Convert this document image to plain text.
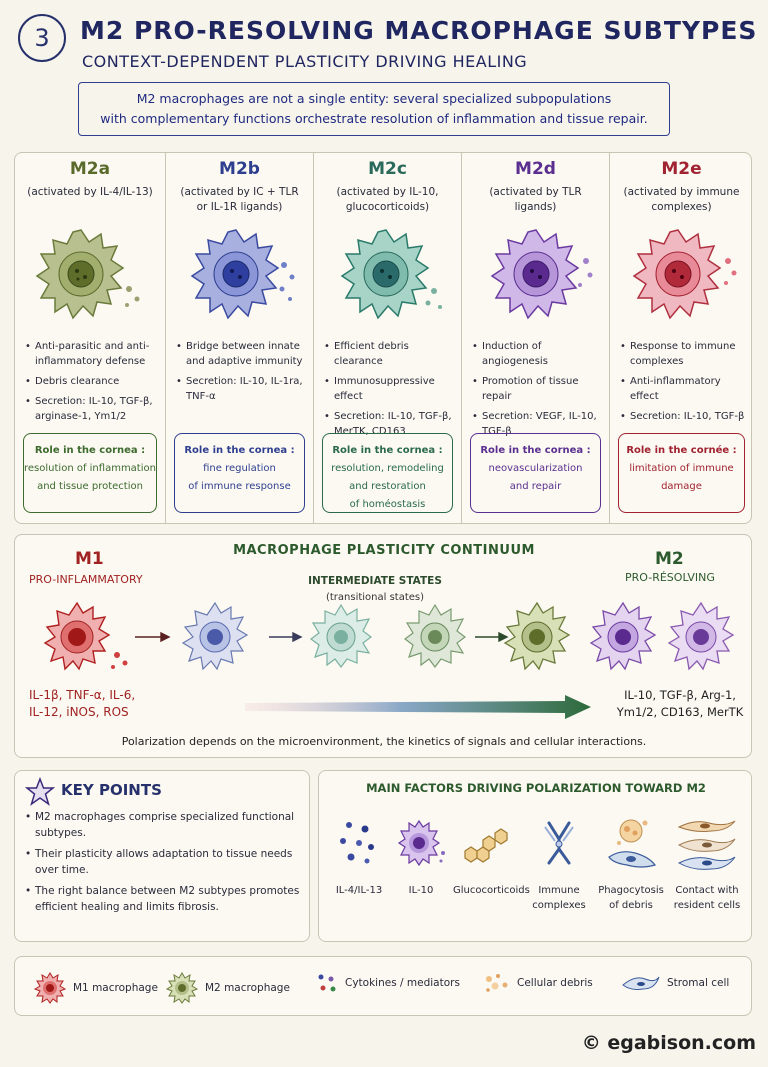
3	M2 PRO-RESOLVING MACROPHAGE SUBTYPES
CONTEXT-DEPENDENT PLASTICITY DRIVING HEALING
M2 macrophages are not a single entity: several specialized subpopulations
with complementary functions orchestrate resolution of inflammation and tissue repair.
M2a
(activated by IL-4/IL-13)
• Anti-parasitic and anti-inflammatory defense
• Debris clearance
• Secretion: IL-10, TGF-β, arginase-1, Ym1/2
Role in the cornea :
resolution of inflammation
and tissue protection
M2b
(activated by IC + TLR
or IL-1R ligands)
• Bridge between innate and adaptive immunity
• Secretion: IL-10, IL-1ra, TNF-α
Role in the cornea :
fine regulation
of immune response
M2c
(activated by IL-10,
glucocorticoids)
• Efficient debris clearance
• Immunosuppressive effect
• Secretion: IL-10, TGF-β, MerTK, CD163
Role in the cornea :
resolution, remodeling
and restoration
of homéostasis
M2d
(activated by TLR ligands)
• Induction of angiogenesis
• Promotion of tissue repair
• Secretion: VEGF, IL-10, TGF-β
Role in the cornea :
neovascularization
and repair
M2e
(activated by immune
complexes)
• Response to immune complexes
• Anti-inflammatory effect
• Secretion: IL-10, TGF-β
Role in the cornée :
limitation of immune
damage
MACROPHAGE PLASTICITY CONTINUUM
M1
PRO-INFLAMMATORY
M2
PRO-RÉSOLVING
INTERMEDIATE STATES
(transitional states)
IL-1β, TNF-α, IL-6,
IL-12, iNOS, ROS
IL-10, TGF-β, Arg-1,
Ym1/2, CD163, MerTK
Polarization depends on the microenvironment, the kinetics of signals and cellular interactions.
KEY POINTS
• M2 macrophages comprise specialized functional subtypes.
• Their plasticity allows adaptation to tissue needs over time.
• The right balance between M2 subtypes promotes efficient healing and limits fibrosis.
MAIN FACTORS DRIVING POLARIZATION TOWARD M2
IL-4/IL-13	IL-10	Glucocorticoids Immune
complexes
Phagocytosis
of debris
Contact with
resident cells
M1 macrophage	M2 macrophage	Cytokines / mediators	Cellular debris	Stromal cell
© egabison.com
